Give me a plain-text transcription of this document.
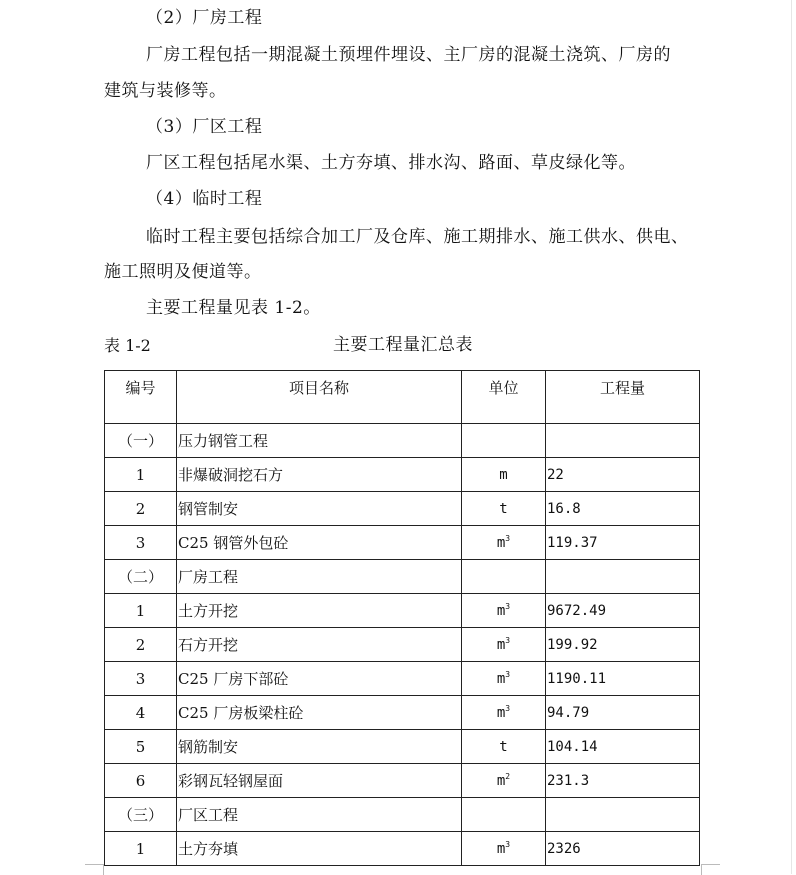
（2）厂房工程
厂房工程包括一期混凝土预埋件埋设、主厂房的混凝土浇筑、厂房的
建筑与装修等。
（3）厂区工程
厂区工程包括尾水渠、土方夯填、排水沟、路面、草皮绿化等。
（4）临时工程
临时工程主要包括综合加工厂及仓库、施工期排水、施工供水、供电、
施工照明及便道等。
主要工程量见表 1-2。
表 1-2	主要工程量汇总表
编号	项目名称	单位	工程量
（一）	压力钢管工程		
1	非爆破洞挖石方	m	22
2	钢管制安	t	16.8
3	C25 钢管外包砼	$m^3$	119.37
（二）	厂房工程		
1	土方开挖	$m^3$	9672.49
2	石方开挖	$m^3$	199.92
3	C25 厂房下部砼	$m^3$	1190.11
4	C25 厂房板梁柱砼	$m^3$	94.79
5	钢筋制安	t	104.14
6	彩钢瓦轻钢屋面	$m^2$	231.3
（三）	厂区工程		
1	土方夯填	$m^3$	2326
